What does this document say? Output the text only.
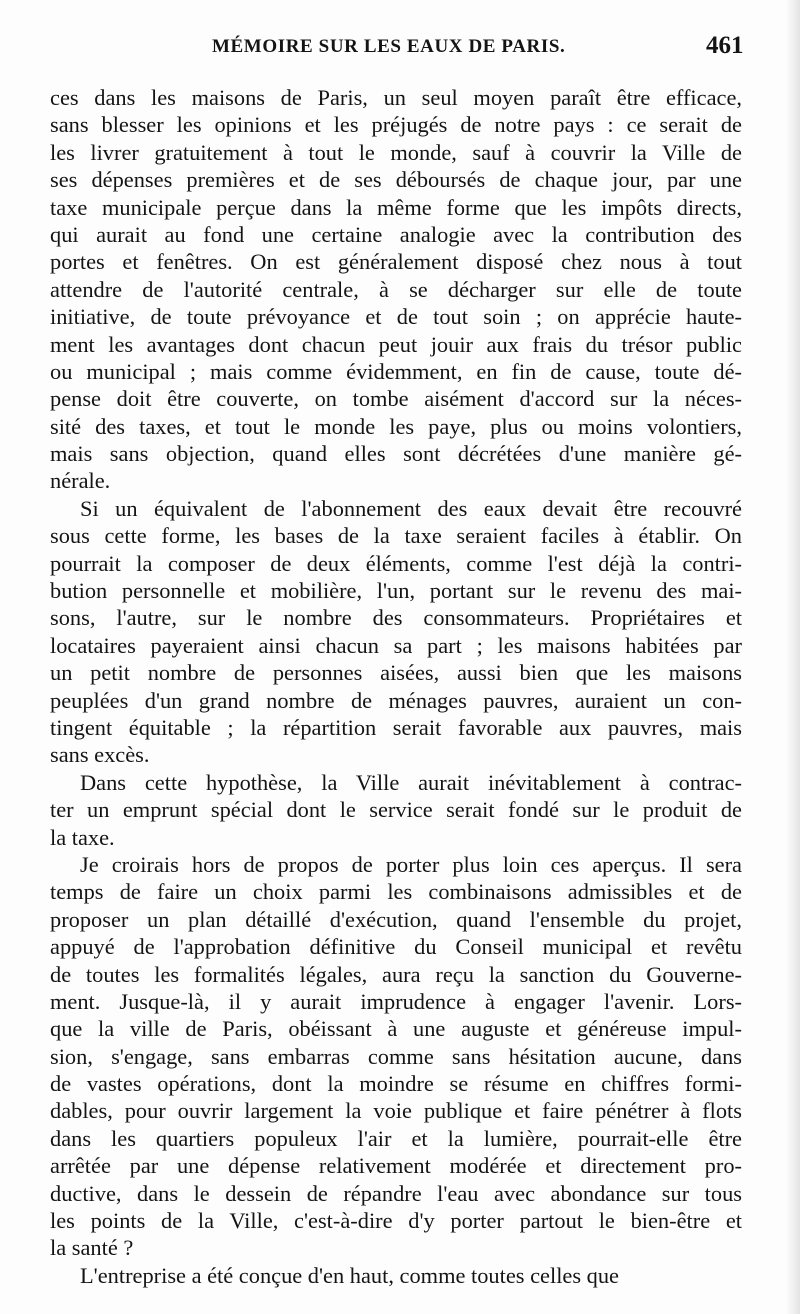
MÉMOIRE SUR LES EAUX DE PARIS.	461
ces dans les maisons de Paris, un seul moyen paraît être efficace,
sans blesser les opinions et les préjugés de notre pays : ce serait de
les livrer gratuitement à tout le monde, sauf à couvrir la Ville de
ses dépenses premières et de ses déboursés de chaque jour, par une
taxe municipale perçue dans la même forme que les impôts directs,
qui aurait au fond une certaine analogie avec la contribution des
portes et fenêtres. On est généralement disposé chez nous à tout
attendre de l'autorité centrale, à se décharger sur elle de toute
initiative, de toute prévoyance et de tout soin ; on apprécie haute-
ment les avantages dont chacun peut jouir aux frais du trésor public
ou municipal ; mais comme évidemment, en fin de cause, toute dé-
pense doit être couverte, on tombe aisément d'accord sur la néces-
sité des taxes, et tout le monde les paye, plus ou moins volontiers,
mais sans objection, quand elles sont décrétées d'une manière gé-
nérale.
Si un équivalent de l'abonnement des eaux devait être recouvré
sous cette forme, les bases de la taxe seraient faciles à établir. On
pourrait la composer de deux éléments, comme l'est déjà la contri-
bution personnelle et mobilière, l'un, portant sur le revenu des mai-
sons, l'autre, sur le nombre des consommateurs. Propriétaires et
locataires payeraient ainsi chacun sa part ; les maisons habitées par
un petit nombre de personnes aisées, aussi bien que les maisons
peuplées d'un grand nombre de ménages pauvres, auraient un con-
tingent équitable ; la répartition serait favorable aux pauvres, mais
sans excès.
Dans cette hypothèse, la Ville aurait inévitablement à contrac-
ter un emprunt spécial dont le service serait fondé sur le produit de
la taxe.
Je croirais hors de propos de porter plus loin ces aperçus. Il sera
temps de faire un choix parmi les combinaisons admissibles et de
proposer un plan détaillé d'exécution, quand l'ensemble du projet,
appuyé de l'approbation définitive du Conseil municipal et revêtu
de toutes les formalités légales, aura reçu la sanction du Gouverne-
ment. Jusque-là, il y aurait imprudence à engager l'avenir. Lors-
que la ville de Paris, obéissant à une auguste et généreuse impul-
sion, s'engage, sans embarras comme sans hésitation aucune, dans
de vastes opérations, dont la moindre se résume en chiffres formi-
dables, pour ouvrir largement la voie publique et faire pénétrer à flots
dans les quartiers populeux l'air et la lumière, pourrait-elle être
arrêtée par une dépense relativement modérée et directement pro-
ductive, dans le dessein de répandre l'eau avec abondance sur tous
les points de la Ville, c'est-à-dire d'y porter partout le bien-être et
la santé ?
L'entreprise a été conçue d'en haut, comme toutes celles que
